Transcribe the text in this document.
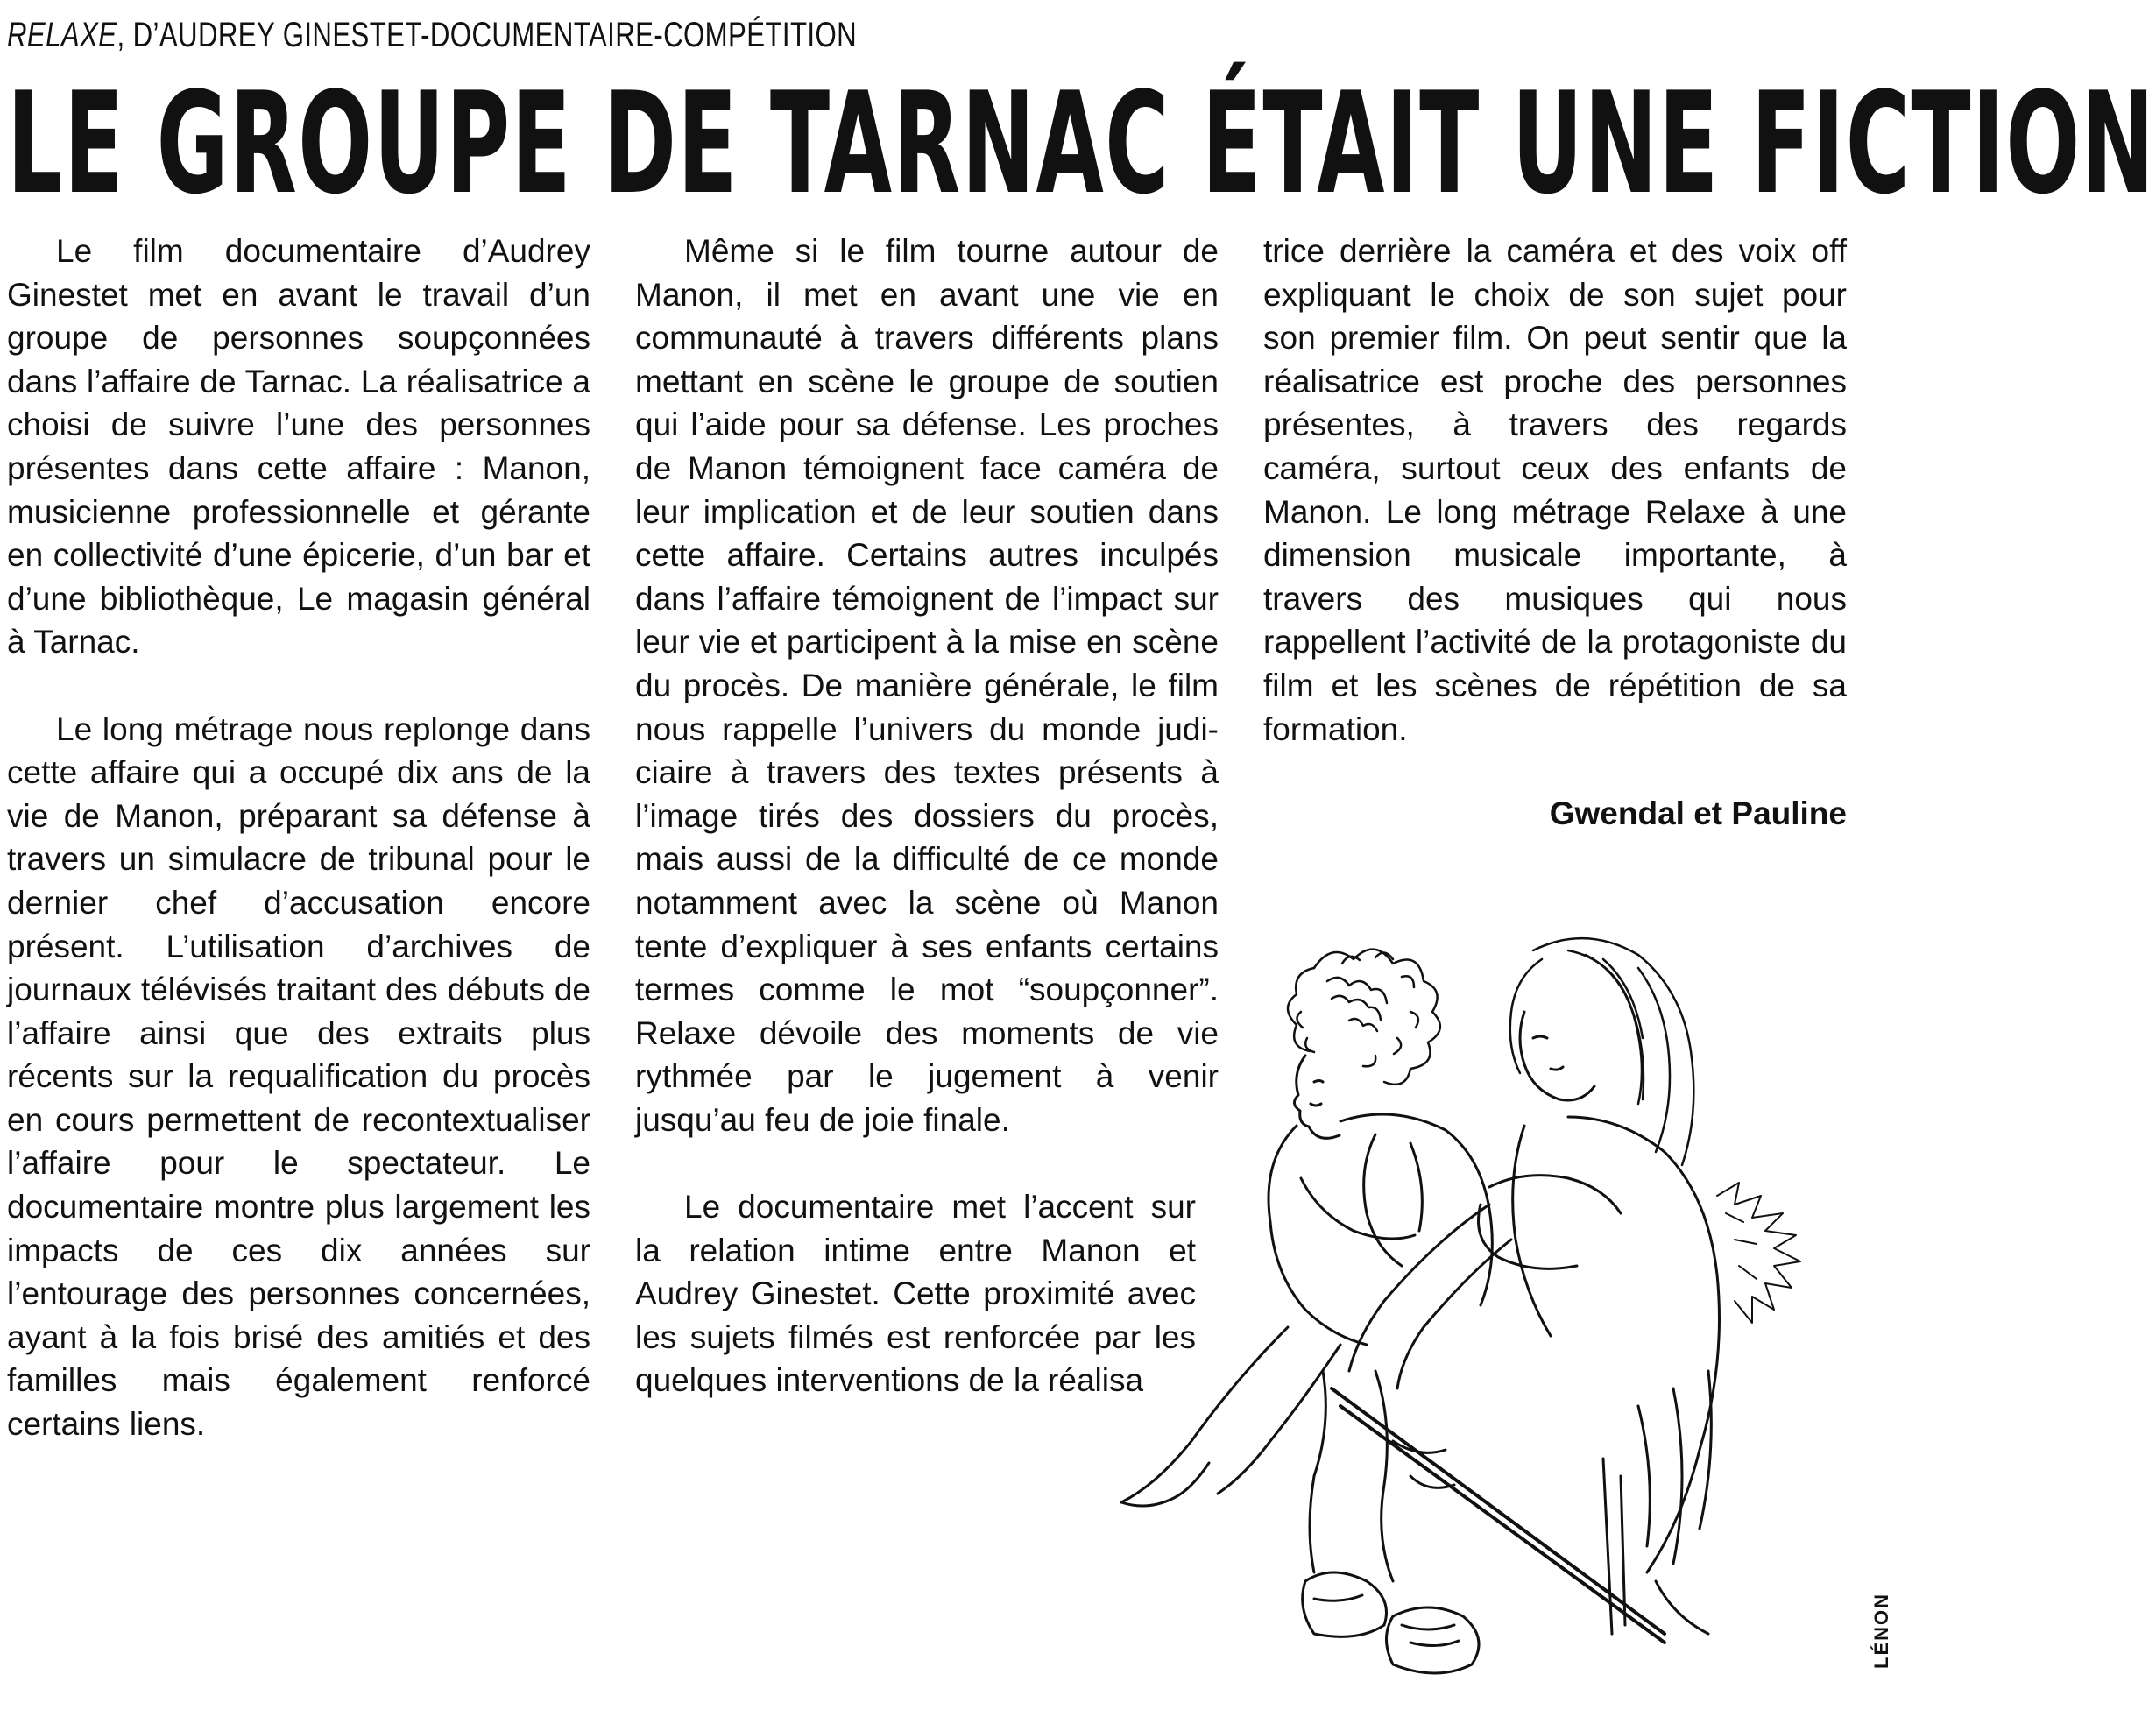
RELAXE, D’AUDREY GINESTET-DOCUMENTAIRE-COMPÉTITION
LE GROUPE DE TARNAC ÉTAIT UNE FICTION

Le film documentaire d’Audrey Ginestet met en avant le travail d’un groupe de personnes soupçonnées dans l’affaire de Tarnac. La réalisatrice a choisi de suivre l’une des personnes présentes dans cette affaire : Manon, musicienne professionnelle et gérante en collectivité d’une épicerie, d’un bar et d’une bibliothèque, Le magasin général à Tarnac.

Le long métrage nous replonge dans cette affaire qui a occupé dix ans de la vie de Manon, préparant sa défense à travers un simulacre de tribunal pour le dernier chef d’accusation encore présent. L’utilisation d’archives de journaux télévisés traitant des débuts de l’affaire ainsi que des extraits plus récents sur la requalification du procès en cours permettent de recontextualiser l’affaire pour le spectateur. Le documentaire montre plus largement les impacts de ces dix années sur l’entourage des personnes concernées, ayant à la fois brisé des amitiés et des familles mais également renforcé certains liens.

Même si le film tourne autour de Manon, il met en avant une vie en communauté à travers différents plans mettant en scène le groupe de soutien qui l’aide pour sa défense. Les proches de Manon témoignent face caméra de leur implication et de leur soutien dans cette affaire. Certains autres inculpés dans l’affaire témoignent de l’impact sur leur vie et participent à la mise en scène du procès. De manière générale, le film nous rappelle l’univers du monde judiciaire à travers des textes présents à l’image tirés des dossiers du procès, mais aussi de la difficulté de ce monde notamment avec la scène où Manon tente d’expliquer à ses enfants certains termes comme le mot “soupçonner”. Relaxe dévoile des moments de vie rythmée par le jugement à venir jusqu’au feu de joie finale.

Le documentaire met l’accent sur la relation intime entre Manon et Audrey Ginestet. Cette proximité avec les sujets filmés est renforcée par les quelques interventions de la réalisa

trice derrière la caméra et des voix off expliquant le choix de son sujet pour son premier film. On peut sentir que la réalisatrice est proche des personnes présentes, à travers des regards caméra, surtout ceux des enfants de Manon. Le long métrage Relaxe à une dimension musicale importante, à travers des musiques qui nous rappellent l’activité de la protagoniste du film et les scènes de répétition de sa formation.

Gwendal et Pauline
LÉNON
